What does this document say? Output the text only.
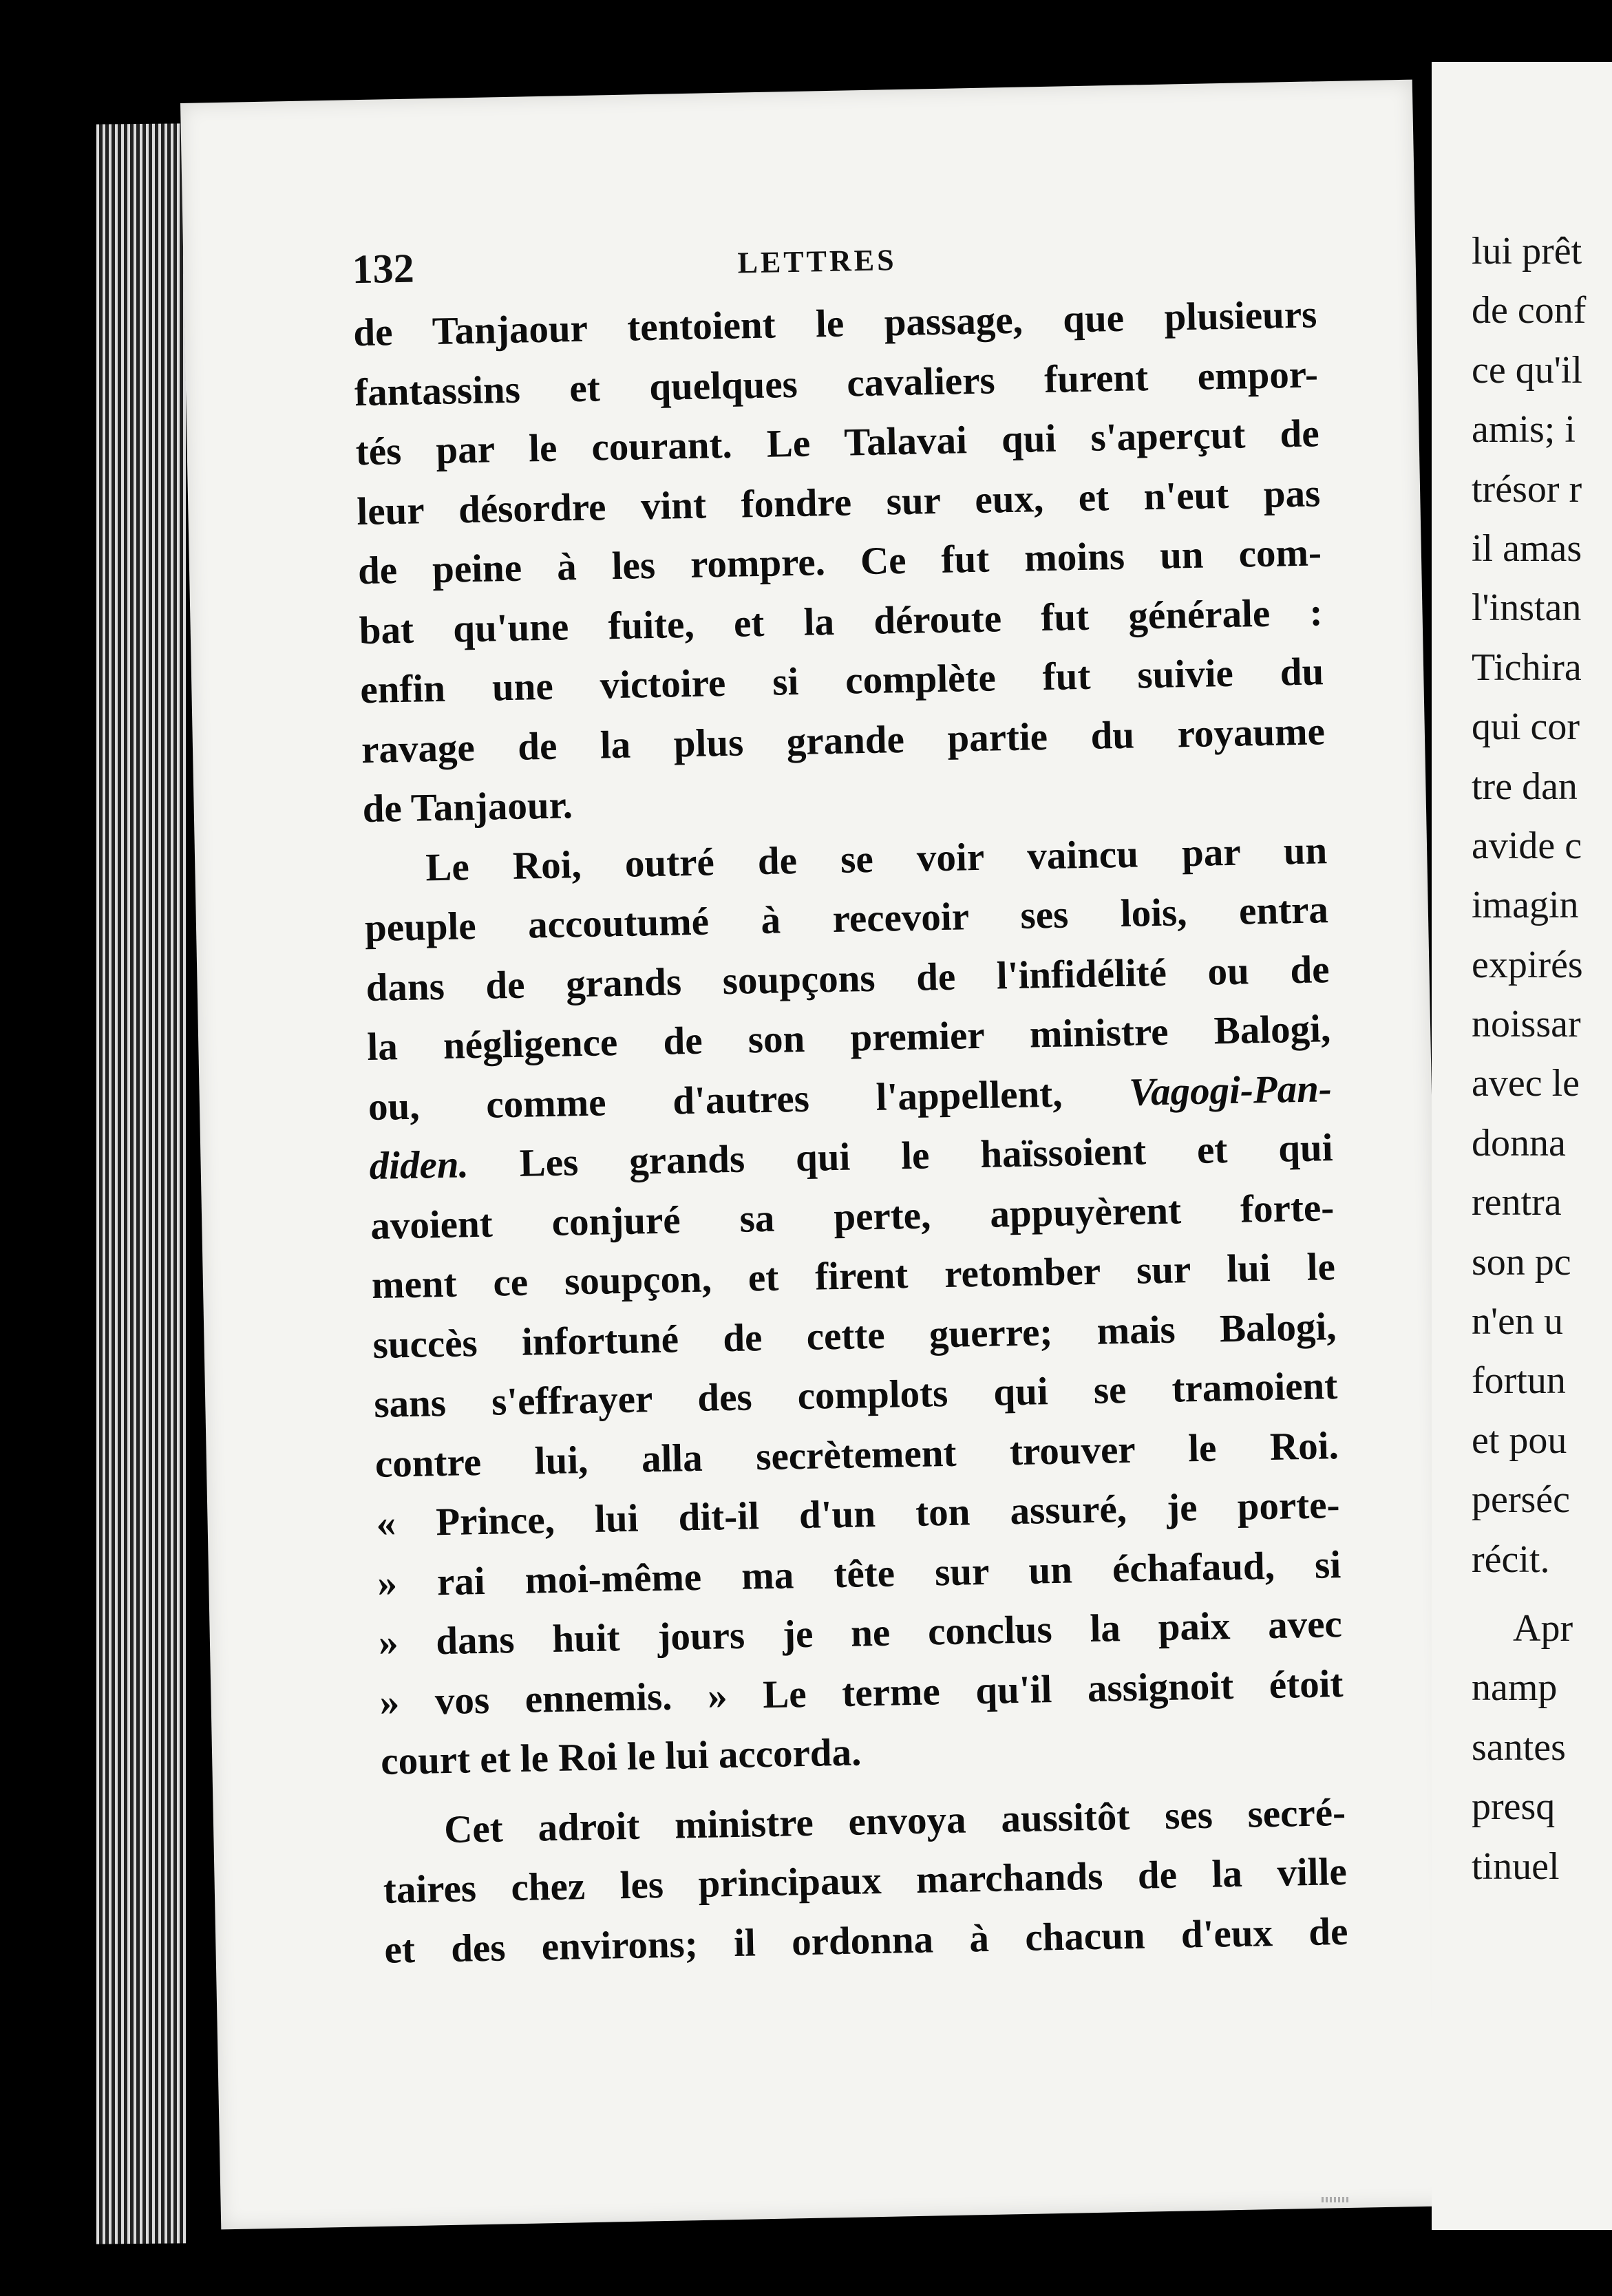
132	LETTRES
de Tanjaour tentoient le passage, que plusieurs
fantassins et quelques cavaliers furent empor-
tés par le courant. Le Talavai qui s'aperçut de
leur désordre vint fondre sur eux, et n'eut pas
de peine à les rompre. Ce fut moins un com-
bat qu'une fuite, et la déroute fut générale :
enfin une victoire si complète fut suivie du
ravage de la plus grande partie du royaume
de Tanjaour.
Le Roi, outré de se voir vaincu par un
peuple accoutumé à recevoir ses lois, entra
dans de grands soupçons de l'infidélité ou de
la négligence de son premier ministre Balogi,
ou, comme d'autres l'appellent, Vagogi-Pan-
diden. Les grands qui le haïssoient et qui
avoient conjuré sa perte, appuyèrent forte-
ment ce soupçon, et firent retomber sur lui le
succès infortuné de cette guerre; mais Balogi,
sans s'effrayer des complots qui se tramoient
contre lui, alla secrètement trouver le Roi.
« Prince, lui dit-il d'un ton assuré, je porte-
» rai moi-même ma tête sur un échafaud, si
» dans huit jours je ne conclus la paix avec
» vos ennemis. » Le terme qu'il assignoit étoit
court et le Roi le lui accorda.
Cet adroit ministre envoya aussitôt ses secré-
taires chez les principaux marchands de la ville
et des environs; il ordonna à chacun d'eux de
lui prêt
de conf
ce qu'il
amis; i
trésor r
il amas
l'instan
Tichira
qui cor
tre dan
avide c
imagin
expirés
noissar
avec le
donna
rentra
son pc
n'en u
fortun
et pou
perséc
récit.
Apr
namp
santes
presq
tinuel
